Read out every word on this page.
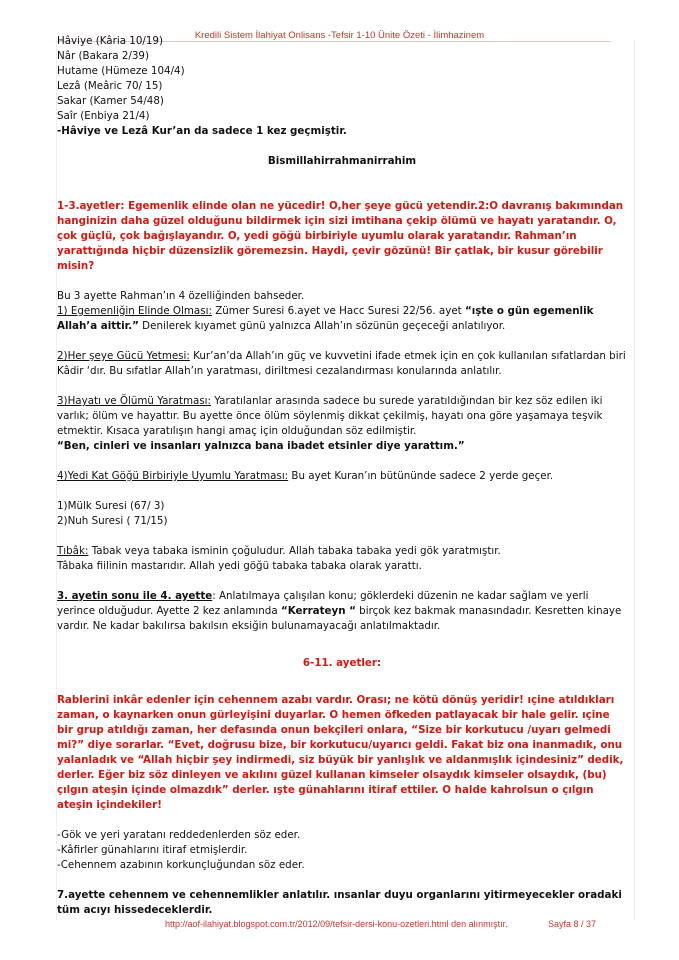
Kredili Sistem İlahiyat Onlisans -Tefsir 1-10 Ünite Özeti - İlimhazinem

Hâviye (Kâria 10/19)

Nâr (Bakara 2/39)

Hutame (Hümeze 104/4)

Lezâ (Meâric 70/ 15)

Sakar (Kamer 54/48)

Saîr (Enbiya 21/4)

-Hâviye ve Lezâ Kur’an da sadece 1 kez geçmiştir.

Bismillahirrahmanirrahim

1-3.ayetler: Egemenlik elinde olan ne yücedir! O,her şeye gücü yetendir.2:O davranış bakımından hanginizin daha güzel olduğunu bildirmek için sizi imtihana çekip ölümü ve hayatı yaratandır. O, çok güçlü, çok bağışlayandır. O, yedi göğü birbiriyle uyumlu olarak yaratandır. Rahman’ın yarattığında hiçbir düzensizlik göremezsin. Haydi, çevir gözünü! Bir çatlak, bir kusur görebilir misin?

Bu 3 ayette Rahman’ın 4 özelliğinden bahseder.

1) Egemenliğin Elinde Olması: Zümer Suresi 6.ayet ve Hacc Suresi 22/56. ayet “ışte o gün egemenlik Allah’a aittir.” Denilerek kıyamet günü yalnızca Allah’ın sözünün geçeceği anlatılıyor.

2)Her şeye Gücü Yetmesi: Kur’an’da Allah’ın güç ve kuvvetini ifade etmek için en çok kullanılan sıfatlardan biri Kâdir ‘dır. Bu sıfatlar Allah’ın yaratması, diriltmesi cezalandırması konularında anlatılır.

3)Hayatı ve Ölümü Yaratması: Yaratılanlar arasında sadece bu surede yaratıldığından bir kez söz edilen iki varlık; ölüm ve hayattır. Bu ayette önce ölüm söylenmiş dikkat çekilmiş, hayatı ona göre yaşamaya teşvik etmektir. Kısaca yaratılışın hangi amaç için olduğundan söz edilmiştir.

“Ben, cinleri ve insanları yalnızca bana ibadet etsinler diye yarattım.”

4)Yedi Kat Göğü Birbiriyle Uyumlu Yaratması: Bu ayet Kuran’ın bütününde sadece 2 yerde geçer.

1)Mülk Suresi (67/ 3)

2)Nuh Suresi ( 71/15)

Tıbâk: Tabak veya tabaka isminin çoğuludur. Allah tabaka tabaka yedi gök yaratmıştır.

Tâbaka fiilinin mastarıdır. Allah yedi göğü tabaka tabaka olarak yarattı.

3. ayetin sonu ile 4. ayette: Anlatılmaya çalışılan konu; göklerdeki düzenin ne kadar sağlam ve yerli yerince olduğudur. Ayette 2 kez anlamında “Kerrateyn “ birçok kez bakmak manasındadır. Kesretten kinaye vardır. Ne kadar bakılırsa bakılsın eksiğin bulunamayacağı anlatılmaktadır.

6-11. ayetler:

Rablerini inkâr edenler için cehennem azabı vardır. Orası; ne kötü dönüş yeridir! ıçine atıldıkları zaman, o kaynarken onun gürleyişini duyarlar. O hemen öfkeden patlayacak bir hale gelir. ıçine bir grup atıldığı zaman, her defasında onun bekçileri onlara, “Size bir korkutucu /uyarı gelmedi mi?” diye sorarlar. “Evet, doğrusu bize, bir korkutucu/uyarıcı geldi. Fakat biz ona inanmadık, onu yalanladık ve “Allah hiçbir şey indirmedi, siz büyük bir yanlışlık ve aldanmışlık içindesiniz” dedik, derler. Eğer biz söz dinleyen ve akılını güzel kullanan kimseler olsaydık kimseler olsaydık, (bu) çılgın ateşin içinde olmazdık” derler. ışte günahlarını itiraf ettiler. O halde kahrolsun o çılgın ateşin içindekiler!

-Gök ve yeri yaratanı reddedenlerden söz eder.

-Kâfirler günahlarını itiraf etmişlerdir.

-Cehennem azabının korkunçluğundan söz eder.

7.ayette cehennem ve cehennemlikler anlatılır. ınsanlar duyu organlarını yitirmeyecekler oradaki tüm acıyı hissedeceklerdir.

http://aof-ilahiyat.blogspot.com.tr/2012/09/tefsir-dersi-konu-ozetleri.html den alınmıştır.	Sayfa 8 / 37
